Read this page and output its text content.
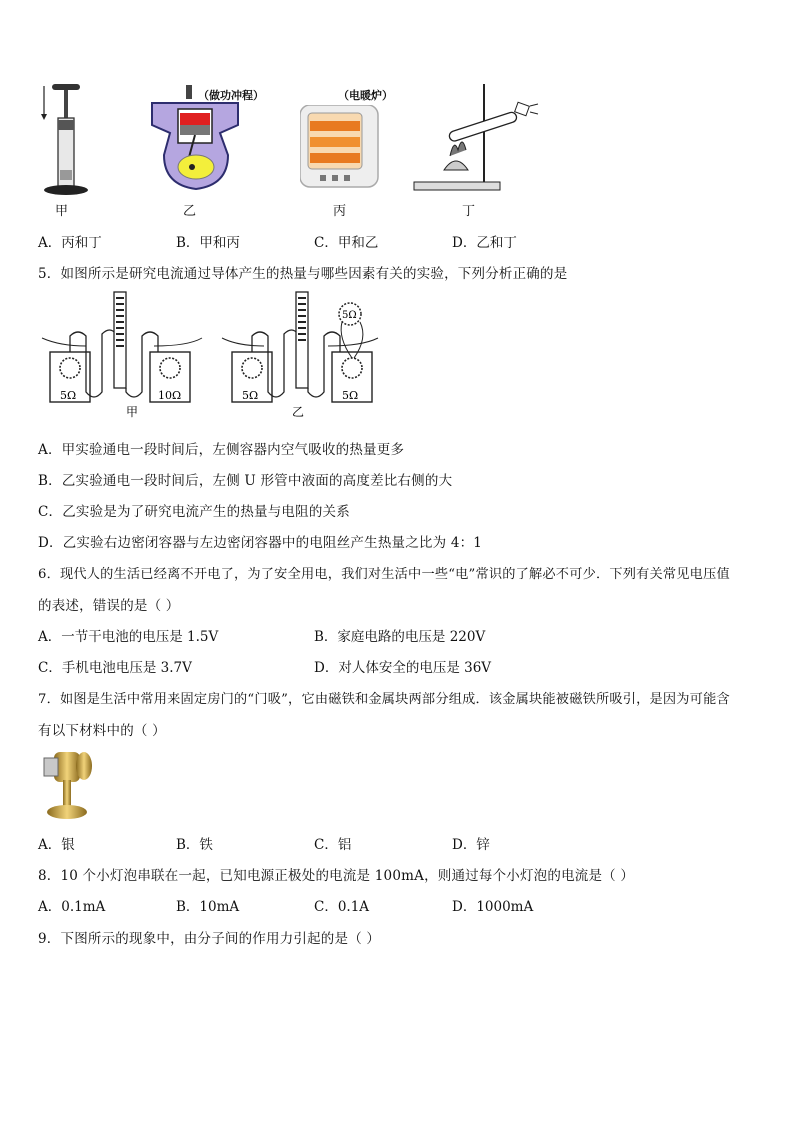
甲
（做功冲程）
乙
（电暖炉）
丙	丁
A．丙和丁	B．甲和丙	C．甲和乙	D．乙和丁
5．如图所示是研究电流通过导体产生的热量与哪些因素有关的实验，下列分析正确的是
5Ω	10Ω
甲
5Ω
5Ω	5Ω
乙
A．甲实验通电一段时间后，左侧容器内空气吸收的热量更多
B．乙实验通电一段时间后，左侧 U 形管中液面的高度差比右侧的大
C．乙实验是为了研究电流产生的热量与电阻的关系
D．乙实验右边密闭容器与左边密闭容器中的电阻丝产生热量之比为 4：1
6．现代人的生活已经离不开电了，为了安全用电，我们对生活中一些“电”常识的了解必不可少．下列有关常见电压值
的表述，错误的是（ ）
A．一节干电池的电压是 1.5V	B．家庭电路的电压是 220V
C．手机电池电压是 3.7V	D．对人体安全的电压是 36V
7．如图是生活中常用来固定房门的“门吸”，它由磁铁和金属块两部分组成．该金属块能被磁铁所吸引，是因为可能含
有以下材料中的（ ）
A．银	B．铁	C．铝	D．锌
8．10 个小灯泡串联在一起，已知电源正极处的电流是 100mA，则通过每个小灯泡的电流是（ ）
A．0.1mA	B．10mA	C．0.1A	D．1000mA
9．下图所示的现象中，由分子间的作用力引起的是（ ）
